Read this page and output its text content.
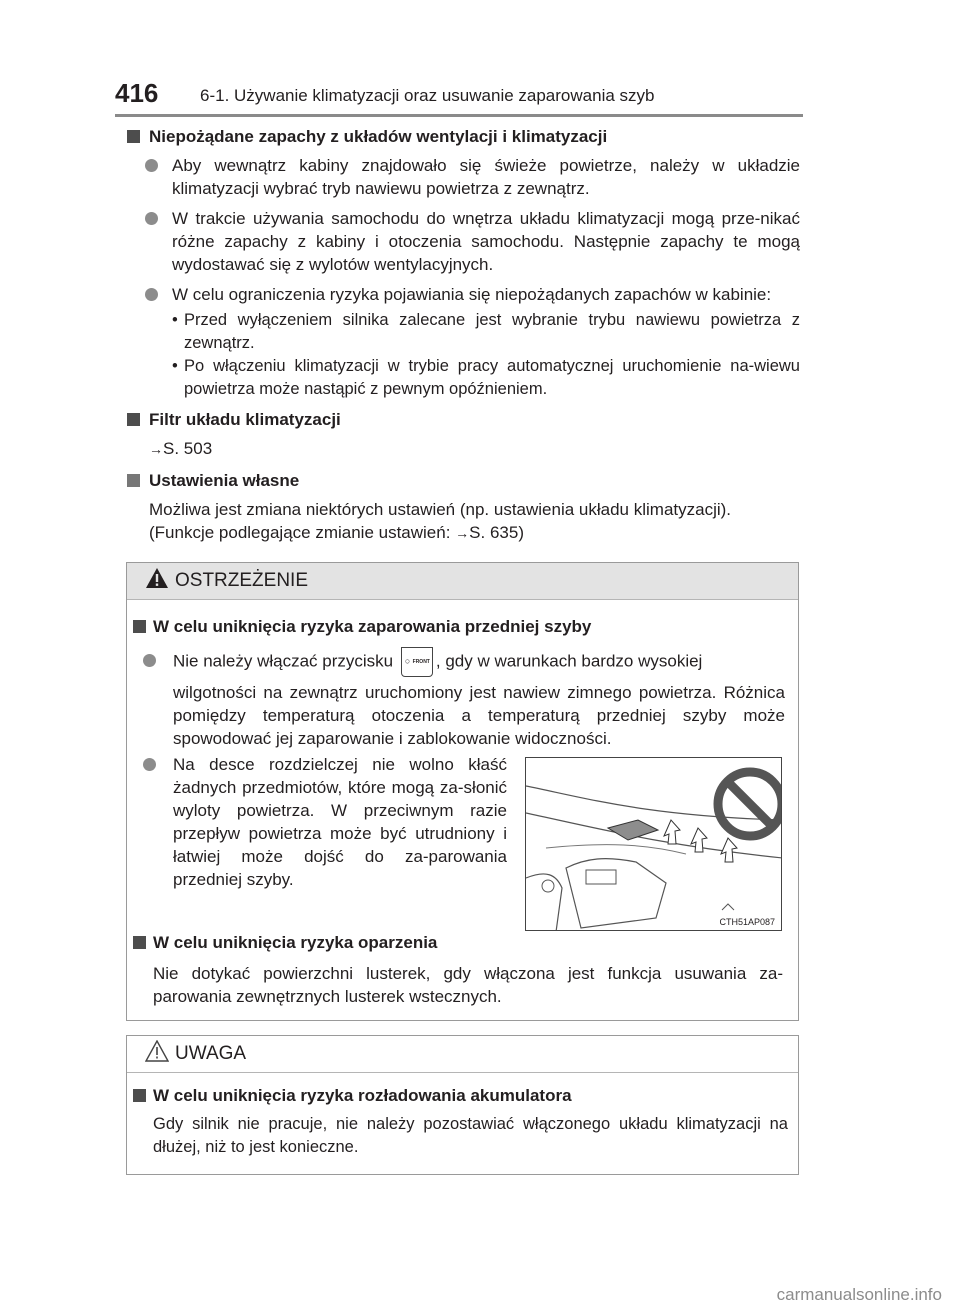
416 6-1. Używanie klimatyzacji oraz usuwanie zaparowania szyb
Niepożądane zapachy z układów wentylacji i klimatyzacji
Aby wewnątrz kabiny znajdowało się świeże powietrze, należy w układzie klimatyzacji wybrać tryb nawiewu powietrza z zewnątrz.
W trakcie używania samochodu do wnętrza układu klimatyzacji mogą prze-nikać różne zapachy z kabiny i otoczenia samochodu. Następnie zapachy te mogą wydostawać się z wylotów wentylacyjnych.
W celu ograniczenia ryzyka pojawiania się niepożądanych zapachów w kabinie:
• Przed wyłączeniem silnika zalecane jest wybranie trybu nawiewu powietrza z zewnątrz.
• Po włączeniu klimatyzacji w trybie pracy automatycznej uruchomienie na-wiewu powietrza może nastąpić z pewnym opóźnieniem.
Filtr układu klimatyzacji
→S. 503
Ustawienia własne
Możliwa jest zmiana niektórych ustawień (np. ustawienia układu klimatyzacji).
(Funkcje podlegające zmianie ustawień: →S. 635)
OSTRZEŻENIE
W celu uniknięcia ryzyka zaparowania przedniej szyby
Nie należy włączać przycisku ○ FRONT , gdy w warunkach bardzo wysokiej
wilgotności na zewnątrz uruchomiony jest nawiew zimnego powietrza. Różnica pomiędzy temperaturą otoczenia a temperaturą przedniej szyby może spowodować jej zaparowanie i zablokowanie widoczności.
Na desce rozdzielczej nie wolno kłaść żadnych przedmiotów, które mogą za-słonić wyloty powietrza. W przeciwnym razie przepływ powietrza może być utrudniony i łatwiej może dojść do za-parowania przedniej szyby.
W celu uniknięcia ryzyka oparzenia
Nie dotykać powierzchni lusterek, gdy włączona jest funkcja usuwania za-parowania zewnętrznych lusterek wstecznych.
CTH51AP087
UWAGA
W celu uniknięcia ryzyka rozładowania akumulatora
Gdy silnik nie pracuje, nie należy pozostawiać włączonego układu klimatyzacji na dłużej, niż to jest konieczne.
carmanualsonline.info
